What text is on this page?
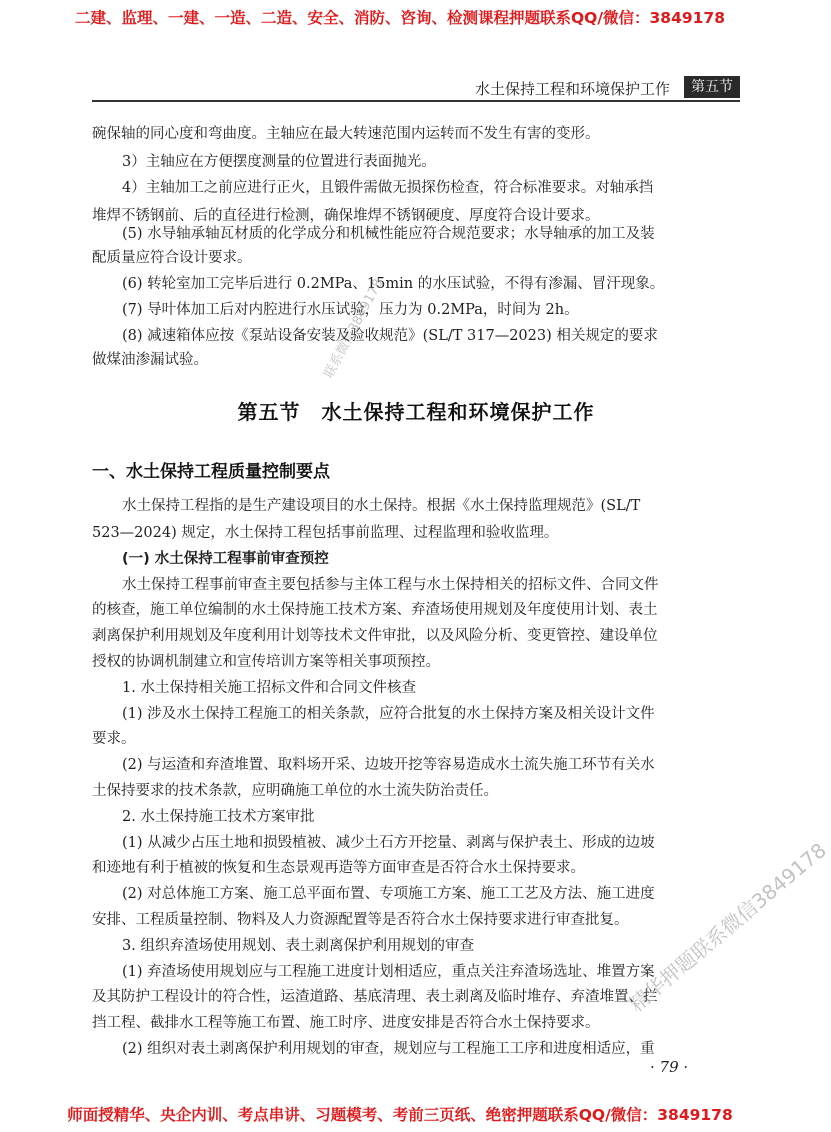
二建、监理、一建、一造、二造、安全、消防、咨询、检测课程押题联系QQ/微信：3849178
水土保持工程和环境保护工作	第五节
碗保轴的同心度和弯曲度。主轴应在最大转速范围内运转而不发生有害的变形。
3）主轴应在方便摆度测量的位置进行表面抛光。
4）主轴加工之前应进行正火，且锻件需做无损探伤检查，符合标准要求。对轴承挡
堆焊不锈钢前、后的直径进行检测，确保堆焊不锈钢硬度、厚度符合设计要求。
(5) 水导轴承轴瓦材质的化学成分和机械性能应符合规范要求；水导轴承的加工及装
配质量应符合设计要求。
(6) 转轮室加工完毕后进行 0.2MPa、15min 的水压试验，不得有渗漏、冒汗现象。
(7) 导叶体加工后对内腔进行水压试验，压力为 0.2MPa，时间为 2h。
(8) 减速箱体应按《泵站设备安装及验收规范》(SL/T 317—2023) 相关规定的要求
做煤油渗漏试验。
第五节　水土保持工程和环境保护工作
一、水土保持工程质量控制要点
水土保持工程指的是生产建设项目的水土保持。根据《水土保持监理规范》(SL/T
523—2024) 规定，水土保持工程包括事前监理、过程监理和验收监理。
(一) 水土保持工程事前审查预控
水土保持工程事前审查主要包括参与主体工程与水土保持相关的招标文件、合同文件
的核查，施工单位编制的水土保持施工技术方案、弃渣场使用规划及年度使用计划、表土
剥离保护利用规划及年度利用计划等技术文件审批，以及风险分析、变更管控、建设单位
授权的协调机制建立和宣传培训方案等相关事项预控。
1. 水土保持相关施工招标文件和合同文件核查
(1) 涉及水土保持工程施工的相关条款，应符合批复的水土保持方案及相关设计文件
要求。
(2) 与运渣和弃渣堆置、取料场开采、边坡开挖等容易造成水土流失施工环节有关水
土保持要求的技术条款，应明确施工单位的水土流失防治责任。
2. 水土保持施工技术方案审批
(1) 从减少占压土地和损毁植被、减少土石方开挖量、剥离与保护表土、形成的边坡
和迹地有利于植被的恢复和生态景观再造等方面审查是否符合水土保持要求。
(2) 对总体施工方案、施工总平面布置、专项施工方案、施工工艺及方法、施工进度
安排、工程质量控制、物料及人力资源配置等是否符合水土保持要求进行审查批复。
3. 组织弃渣场使用规划、表土剥离保护利用规划的审查
(1) 弃渣场使用规划应与工程施工进度计划相适应，重点关注弃渣场选址、堆置方案
及其防护工程设计的符合性，运渣道路、基底清理、表土剥离及临时堆存、弃渣堆置、拦
挡工程、截排水工程等施工布置、施工时序、进度安排是否符合水土保持要求。
(2) 组织对表土剥离保护利用规划的审查，规划应与工程施工工序和进度相适应，重
联系微信3849178
精华押题联系微信3849178
· 79 ·
师面授精华、央企内训、考点串讲、习题模考、考前三页纸、绝密押题联系QQ/微信：3849178
